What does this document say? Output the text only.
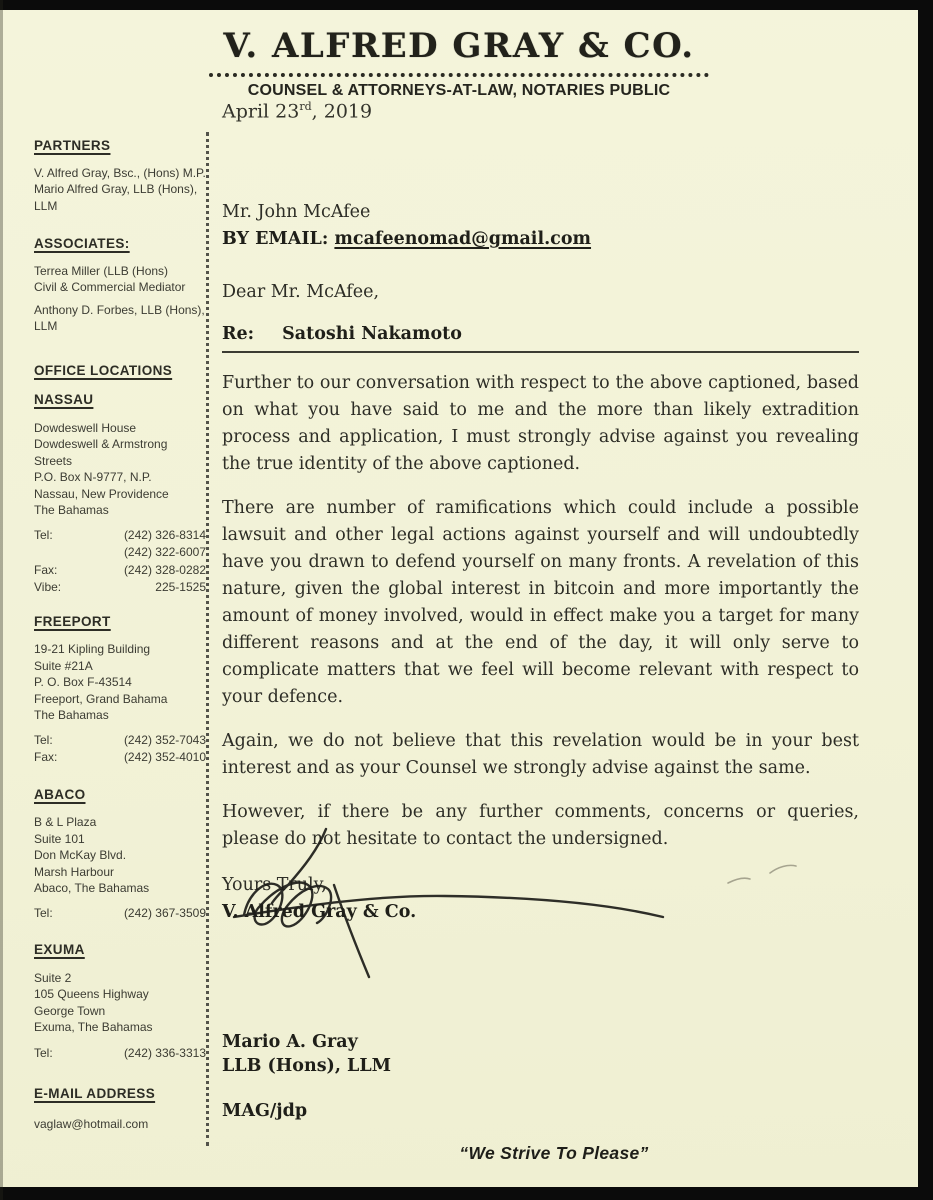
V. ALFRED GRAY & CO.
COUNSEL & ATTORNEYS-AT-LAW, NOTARIES PUBLIC
April 23rd, 2019
PARTNERS
V. Alfred Gray, Bsc., (Hons) M.P.
Mario Alfred Gray, LLB (Hons), LLM
ASSOCIATES:
Terrea Miller (LLB (Hons)
Civil & Commercial Mediator
Anthony D. Forbes, LLB (Hons), LLM
OFFICE LOCATIONS
NASSAU
Dowdeswell House
Dowdeswell & Armstrong Streets
P.O. Box N-9777, N.P.
Nassau, New Providence
The Bahamas
Tel:	(242) 326-8314
(242) 322-6007
Fax:	(242) 328-0282
Vibe:	225-1525
FREEPORT
19-21 Kipling Building
Suite #21A
P. O. Box F-43514
Freeport, Grand Bahama
The Bahamas
Tel:	(242) 352-7043
Fax:	(242) 352-4010
ABACO
B & L Plaza
Suite 101
Don McKay Blvd.
Marsh Harbour
Abaco, The Bahamas
Tel:	(242) 367-3509
EXUMA
Suite 2
105 Queens Highway
George Town
Exuma, The Bahamas
Tel:	(242) 336-3313
E-MAIL ADDRESS
vaglaw@hotmail.com
Mr. John McAfee
BY EMAIL: mcafeenomad@gmail.com
Dear Mr. McAfee,
Re: Satoshi Nakamoto
Further to our conversation with respect to the above captioned, based on what you have said to me and the more than likely extradition process and application, I must strongly advise against you revealing the true identity of the above captioned.
There are number of ramifications which could include a possible lawsuit and other legal actions against yourself and will undoubtedly have you drawn to defend yourself on many fronts. A revelation of this nature, given the global interest in bitcoin and more importantly the amount of money involved, would in effect make you a target for many different reasons and at the end of the day, it will only serve to complicate matters that we feel will become relevant with respect to your defence.
Again, we do not believe that this revelation would be in your best interest and as your Counsel we strongly advise against the same.
However, if there be any further comments, concerns or queries, please do not hesitate to contact the undersigned.
Yours Truly,
V. Alfred Gray & Co.
Mario A. Gray
LLB (Hons), LLM
MAG/jdp
“We Strive To Please”
